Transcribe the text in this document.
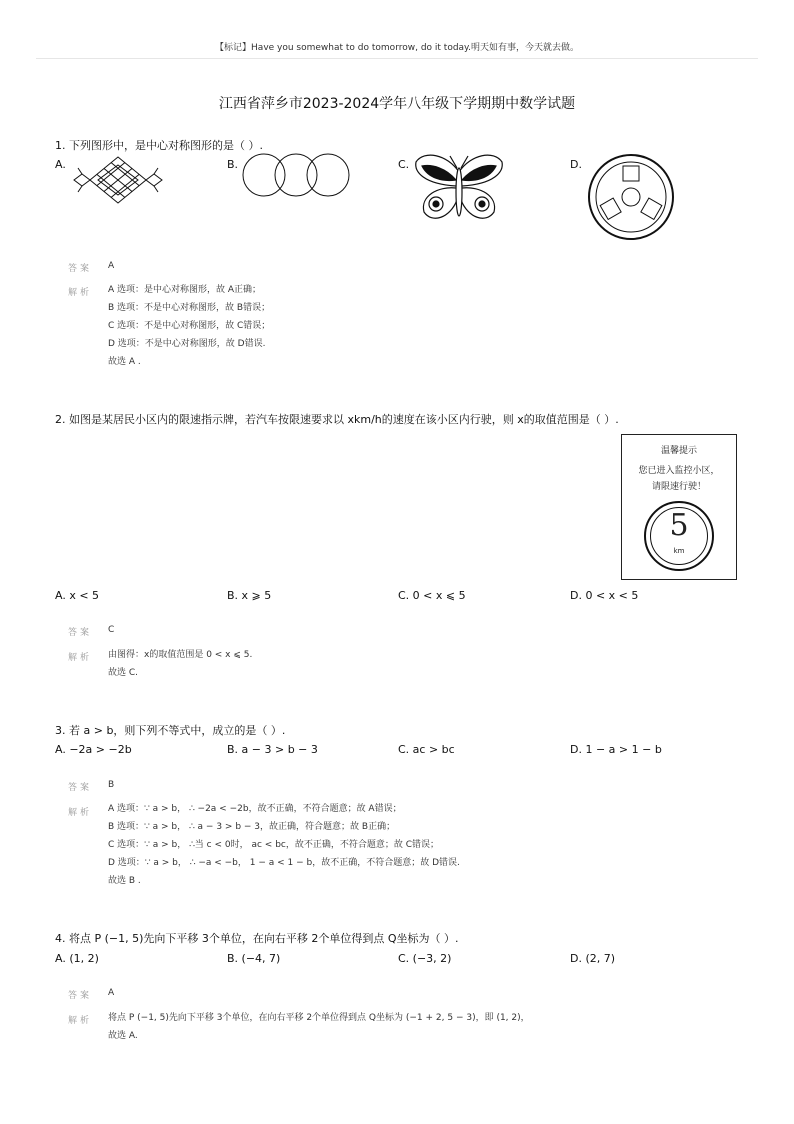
【标记】Have you somewhat to do tomorrow, do it today.明天如有事，今天就去做。
江西省萍乡市2023-2024学年八年级下学期期中数学试题
1. 下列图形中，是中心对称图形的是（ ）.
A.	B.	C.	D.
答案 A
解析 A 选项：是中心对称图形，故 A正确；
B 选项：不是中心对称图形，故 B错误；
C 选项：不是中心对称图形，故 C错误；
D 选项：不是中心对称图形，故 D错误.
故选 A .
2. 如图是某居民小区内的限速指示牌，若汽车按限速要求以 xkm/h的速度在该小区内行驶，则 x的取值范围是（ ）.
温馨提示
您已进入监控小区，
请限速行驶！
5
km
A. x < 5	B. x ⩾ 5	C. 0 < x ⩽ 5	D. 0 < x < 5
答案 C
解析 由图得：x的取值范围是 0 < x ⩽ 5.
故选 C.
3. 若 a > b，则下列不等式中，成立的是（ ）.
A. −2a > −2b	B. a − 3 > b − 3	C. ac > bc	D. 1 − a > 1 − b
答案 B
解析 A 选项：∵ a > b， ∴ −2a < −2b，故不正确，不符合题意；故 A错误；
B 选项：∵ a > b， ∴ a − 3 > b − 3，故正确，符合题意；故 B正确；
C 选项：∵ a > b， ∴当 c < 0时， ac < bc，故不正确，不符合题意；故 C错误；
D 选项：∵ a > b， ∴ −a < −b， 1 − a < 1 − b，故不正确，不符合题意；故 D错误.
故选 B .
4. 将点 P (−1, 5)先向下平移 3个单位，在向右平移 2个单位得到点 Q坐标为（ ）.
A. (1, 2)	B. (−4, 7)	C. (−3, 2)	D. (2, 7)
答案 A
解析 将点 P (−1, 5)先向下平移 3个单位，在向右平移 2个单位得到点 Q坐标为 (−1 + 2, 5 − 3)，即 (1, 2)，
故选 A.
